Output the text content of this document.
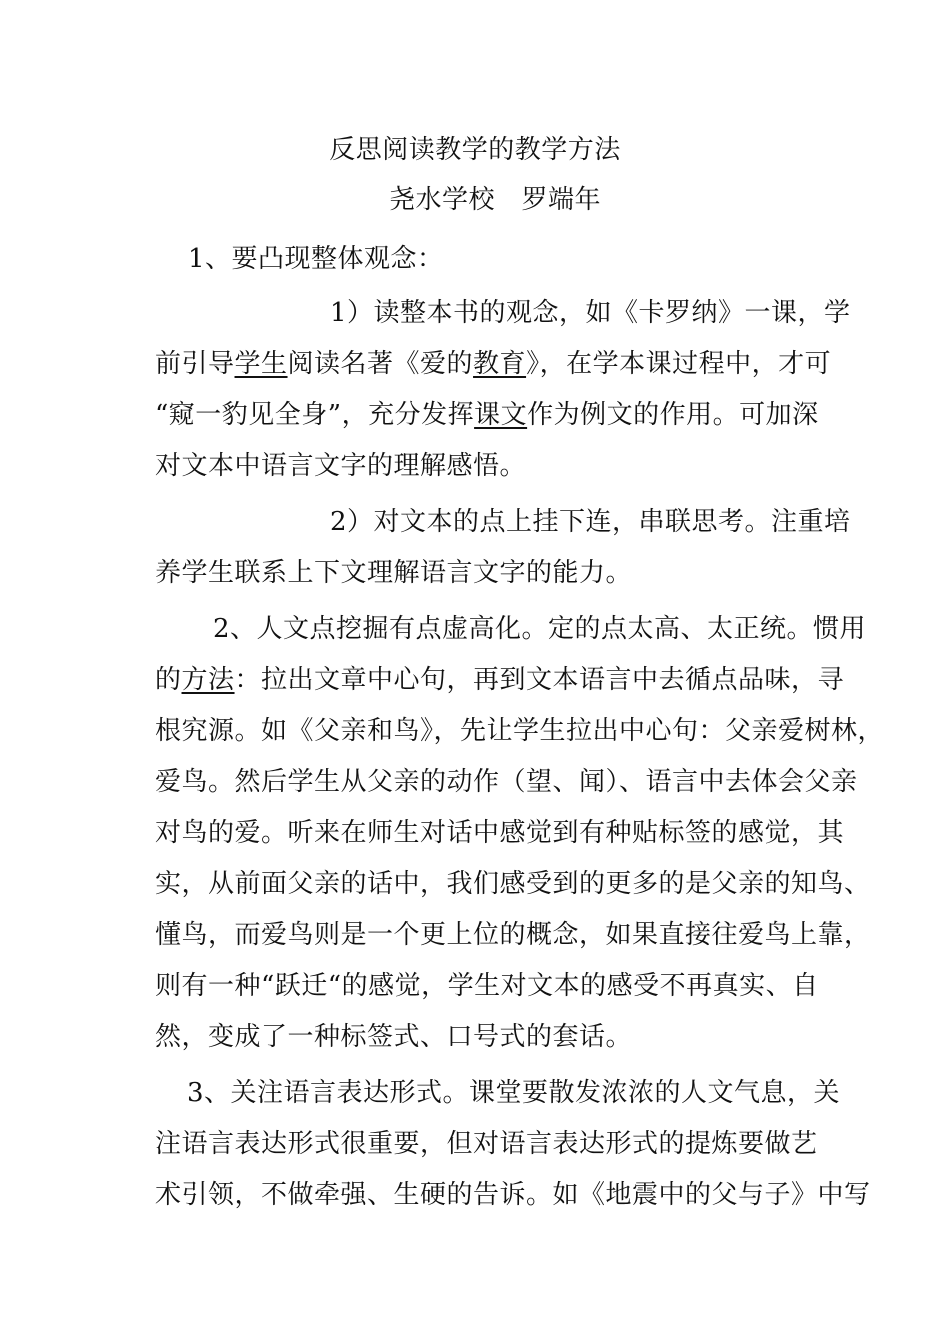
反思阅读教学的教学方法
尧水学校　罗端年
1、要凸现整体观念：
1）读整本书的观念，如《卡罗纳》一课，学
前引导学生阅读名著《爱的教育》，在学本课过程中，才可
“窥一豹见全身”，充分发挥课文作为例文的作用。可加深
对文本中语言文字的理解感悟。
2）对文本的点上挂下连，串联思考。注重培
养学生联系上下文理解语言文字的能力。
2、人文点挖掘有点虚高化。定的点太高、太正统。惯用
的方法：拉出文章中心句，再到文本语言中去循点品味，寻
根究源。如《父亲和鸟》，先让学生拉出中心句：父亲爱树林，
爱鸟。然后学生从父亲的动作（望、闻）、语言中去体会父亲
对鸟的爱。听来在师生对话中感觉到有种贴标签的感觉，其
实，从前面父亲的话中，我们感受到的更多的是父亲的知鸟、
懂鸟，而爱鸟则是一个更上位的概念，如果直接往爱鸟上靠，
则有一种“跃迁“的感觉，学生对文本的感受不再真实、自
然，变成了一种标签式、口号式的套话。
3、关注语言表达形式。课堂要散发浓浓的人文气息，关
注语言表达形式很重要，但对语言表达形式的提炼要做艺
术引领，不做牵强、生硬的告诉。如《地震中的父与子》中写
